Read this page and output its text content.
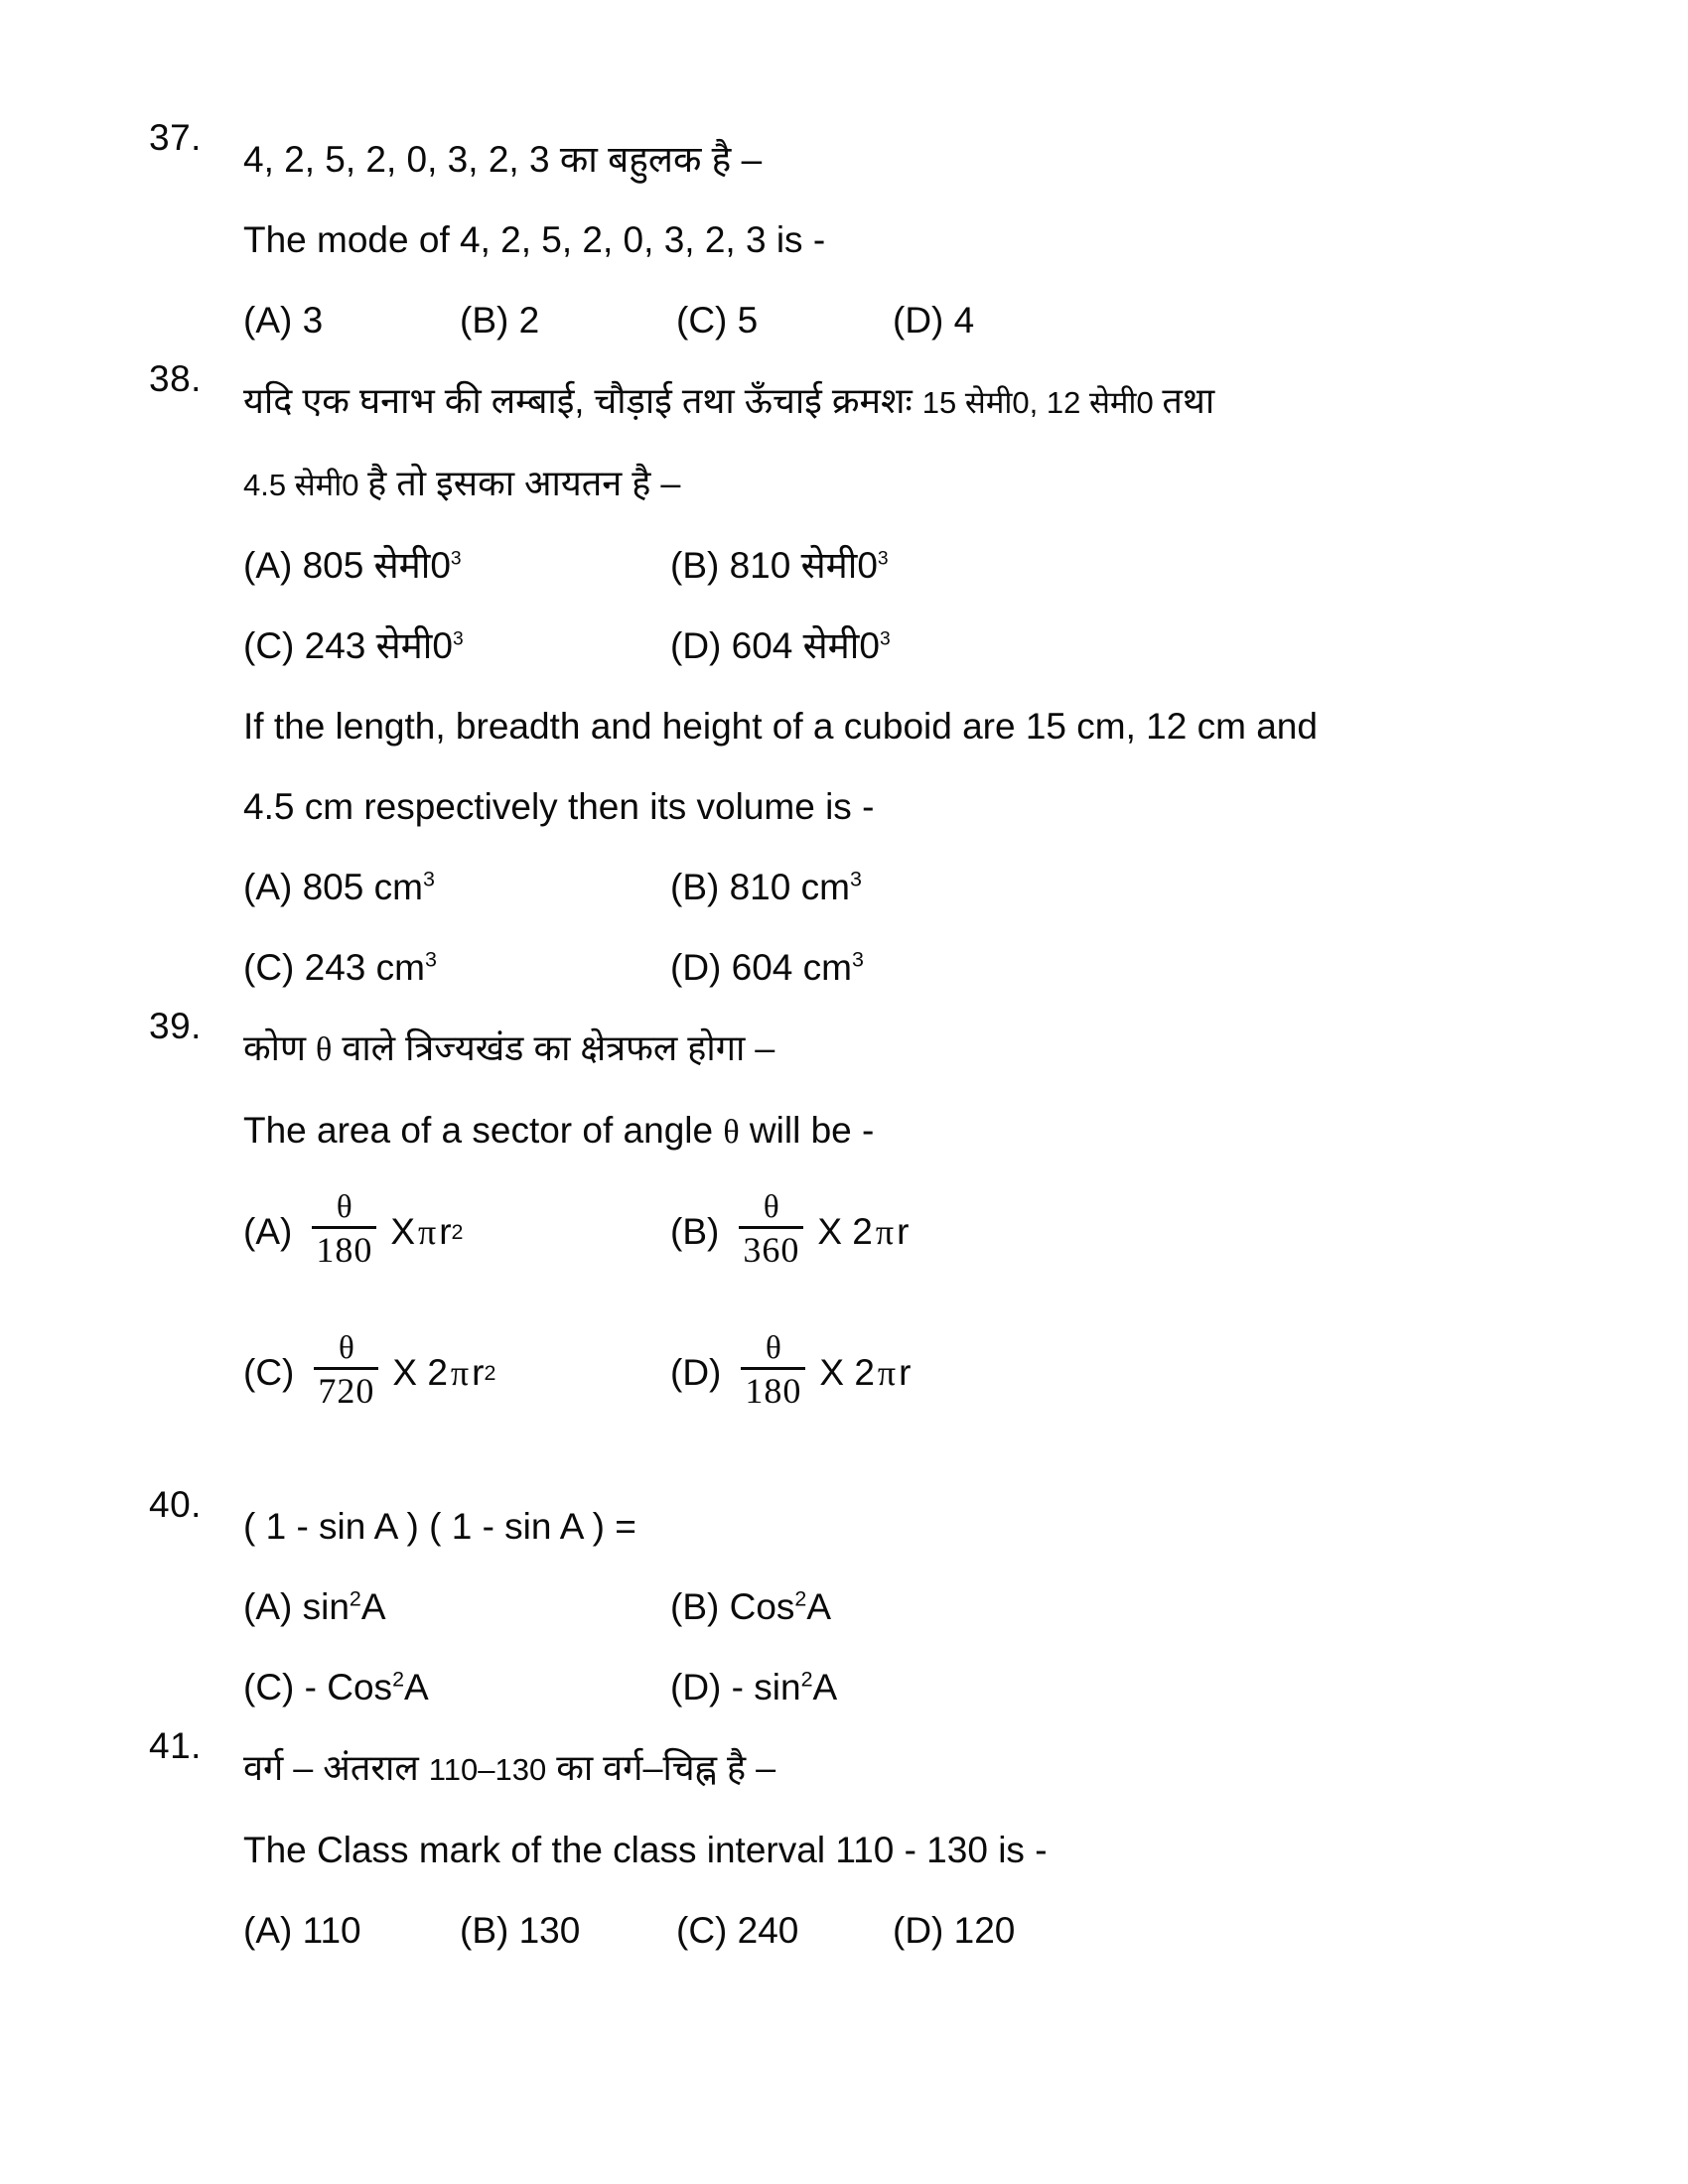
37.
4, 2, 5, 2, 0, 3, 2, 3 का बहुलक है –
The mode of 4, 2, 5, 2, 0, 3, 2, 3 is -
(A) 3	(B) 2	(C) 5	(D) 4
38.
यदि एक घनाभ की लम्बाई, चौड़ाई तथा ऊँचाई क्रमशः 15 सेमी0, 12 सेमी0 तथा
4.5 सेमी0 है तो इसका आयतन है –
(A) 805 $सेमी0^3$	(B) 810 $सेमी0^3$
(C) 243 $सेमी0^3$	(D) 604 $सेमी0^3$
If the length, breadth and height of a cuboid are 15 cm, 12 cm and
4.5 cm respectively then its volume is -
(A) 805 $cm^3$	(B) 810 $cm^3$
(C) 243 $cm^3$	(D) 604 $cm^3$
39.
कोण θ वाले त्रिज्यखंड का क्षेत्रफल होगा –
The area of a sector of angle θ will be -
$(A) \frac{\theta}{180}$ X π r 2	$(B) \frac{\theta}{360}$ X 2 π r
$(C) \frac{\theta}{720}$ X 2 π r 2	$(D) \frac{\theta}{180}$ X 2 π r
40.
( 1 - sin A ) ( 1 - sin A ) =
(A) $\sin^2A$	(B) Cos$^2$A
(C) - Cos$^2$A	$(D) - \sin^2A$
41.
वर्ग – अंतराल 110–130 का वर्ग–चिह्न है –
The Class mark of the class interval 110 - 130 is -
(A) 110	(B) 130	(C) 240	(D) 120
